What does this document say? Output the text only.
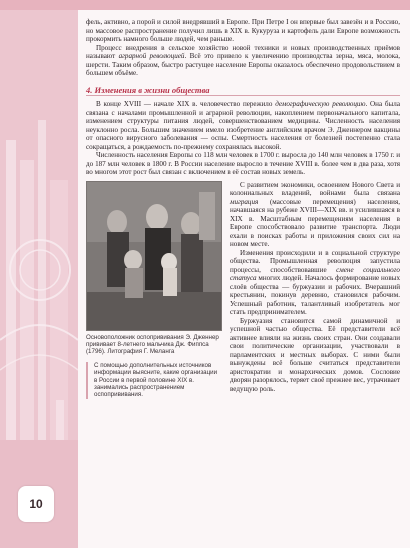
фель, активно, а порой и силой внедрявший в Европе. При Петре I он впервые был завезён и в Россию, но массовое распространение получил лишь в XIX в. Кукуруза и картофель дали Европе возможность прокормить намного больше людей, чем раньше.

Процесс внедрения в сельское хозяйство новой техники и новых производственных приёмов называют аграрной революцией. Всё это привело к увеличению производства зерна, мяса, молока, шерсти. Таким образом, быстро растущее население Европы оказалось обеспечено продовольствием в большем объёме.

4. Изменения в жизни общества

В конце XVIII — начале XIX в. человечество пережило демографическую революцию. Она была связана с началами промышленной и аграрной революции, накоплением первоначального капитала, изменением структуры питания людей, совершенствованием медицины. Численность населения неуклонно росла. Большим значением имело изобретение английским врачом Э. Дженнером вакцины от опасного вирусного заболевания — оспы. Смертность населения от болезней постепенно стала сокращаться, а рождаемость по-прежнему сохранялась высокой.

Численность населения Европы со 118 млн человек в 1700 г. выросла до 140 млн человек в 1750 г. и до 187 млн человек в 1800 г. В России население выросло в течение XVIII в. более чем в два раза, хотя во многом этот рост был связан с включением в её состав новых земель.

Основоположник оспопрививания Э. Дженнер прививает 8-летнего мальчика Дж. Фиппса (1796). Литография Г. Меланга
С помощью дополнительных источников информации выясните, какие организации в России в первой половине XIX в. занимались распространением оспопрививания.

С развитием экономики, освоением Нового Света и колониальных владений, войнами была связана миграция (массовые перемещения) населения, начавшаяся на рубеже XVIII—XIX вв. и усилившаяся в XIX в. Масштабным перемещениям населения в Европе способствовало развитие транспорта. Люди ехали в поисках работы и приложения своих сил на новом месте.

Изменения происходили и в социальной структуре общества. Промышленная революция запустила процессы, способствовавшие смене социального статуса многих людей. Началось формирование новых слоёв общества — буржуазии и рабочих. Вчерашний крестьянин, покинув деревню, становился рабочим. Успешный работник, талантливый изобретатель мог стать предпринимателем.

Буржуазия становится самой динамичной и успешной частью общества. Её представители всё активнее влияли на жизнь своих стран. Они создавали свои политические организации, участвовали в парламентских и местных выборах. С ними были вынуждены всё больше считаться представители аристократии и монархических домов. Сословие дворян разорялось, теряет своё прежнее вес, утрачивает ведущую роль.

10
